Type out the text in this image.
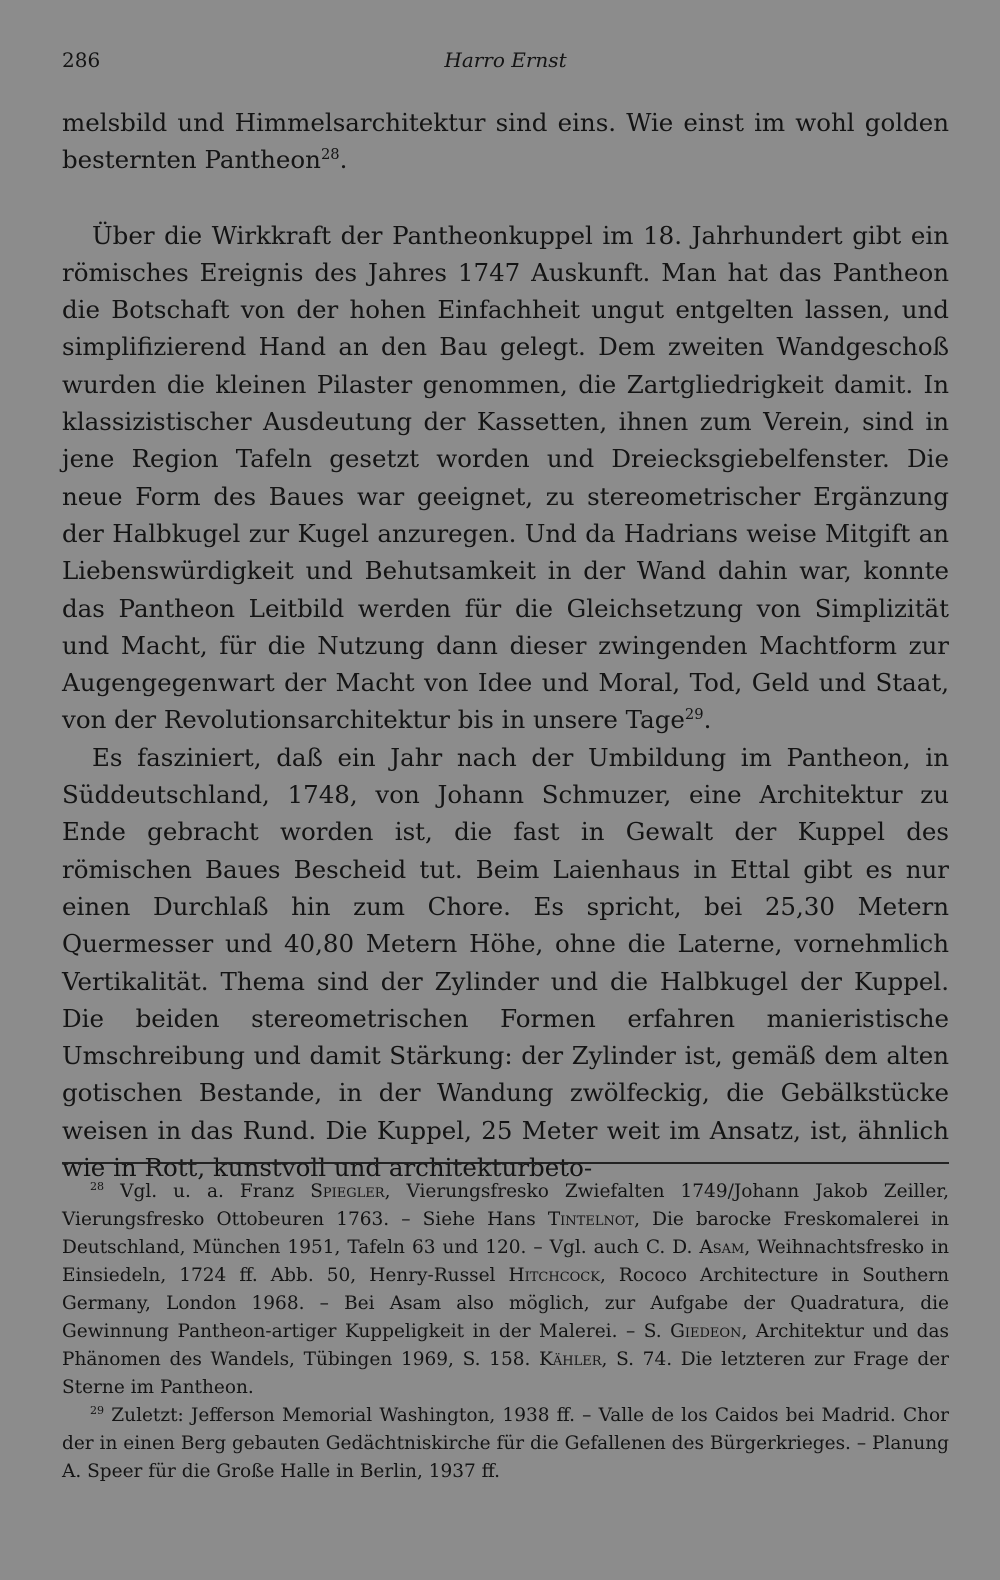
286	Harro Ernst

melsbild und Himmelsarchitektur sind eins. Wie einst im wohl golden besternten Pantheon$^{28}$.

Über die Wirkkraft der Pantheonkuppel im 18. Jahrhundert gibt ein römisches Ereignis des Jahres 1747 Auskunft. Man hat das Pantheon die Botschaft von der hohen Einfachheit ungut entgelten lassen, und simplifizierend Hand an den Bau gelegt. Dem zweiten Wandgeschoß wurden die kleinen Pilaster genommen, die Zartgliedrigkeit damit. In klassizistischer Ausdeutung der Kassetten, ihnen zum Verein, sind in jene Region Tafeln gesetzt worden und Dreiecksgiebelfenster. Die neue Form des Baues war geeignet, zu stereometrischer Ergänzung der Halbkugel zur Kugel anzuregen. Und da Hadrians weise Mitgift an Liebenswürdigkeit und Behutsamkeit in der Wand dahin war, konnte das Pantheon Leitbild werden für die Gleichsetzung von Simplizität und Macht, für die Nutzung dann dieser zwingenden Machtform zur Augengegenwart der Macht von Idee und Moral, Tod, Geld und Staat, von der Revolutionsarchitektur bis in unsere Tage$^{29}$.

Es fasziniert, daß ein Jahr nach der Umbildung im Pantheon, in Süddeutschland, 1748, von Johann Schmuzer, eine Architektur zu Ende gebracht worden ist, die fast in Gewalt der Kuppel des römischen Baues Bescheid tut. Beim Laienhaus in Ettal gibt es nur einen Durchlaß hin zum Chore. Es spricht, bei 25,30 Metern Quermesser und 40,80 Metern Höhe, ohne die Laterne, vornehmlich Vertikalität. Thema sind der Zylinder und die Halbkugel der Kuppel. Die beiden stereometrischen Formen erfahren manieristische Umschreibung und damit Stärkung: der Zylinder ist, gemäß dem alten gotischen Bestande, in der Wandung zwölfeckig, die Gebälkstücke weisen in das Rund. Die Kuppel, 25 Meter weit im Ansatz, ist, ähnlich wie in Rott, kunstvoll und architekturbeto-

$^{28}$ Vgl. u. a. Franz Spiegler, Vierungsfresko Zwiefalten 1749/Johann Jakob Zeiller, Vierungsfresko Ottobeuren 1763. – Siehe Hans Tintelnot, Die barocke Freskomalerei in Deutschland, München 1951, Tafeln 63 und 120. – Vgl. auch C. D. Asam, Weihnachtsfresko in Einsiedeln, 1724 ff. Abb. 50, Henry-Russel Hitchcock, Rococo Architecture in Southern Germany, London 1968. – Bei Asam also möglich, zur Aufgabe der Quadratura, die Gewinnung Pantheon-artiger Kuppeligkeit in der Malerei. – S. Giedeon, Architektur und das Phänomen des Wandels, Tübingen 1969, S. 158. Kähler, S. 74. Die letzteren zur Frage der Sterne im Pantheon.

$^{29}$ Zuletzt: Jefferson Memorial Washington, 1938 ff. – Valle de los Caidos bei Madrid. Chor der in einen Berg gebauten Gedächtniskirche für die Gefallenen des Bürgerkrieges. – Planung A. Speer für die Große Halle in Berlin, 1937 ff.
